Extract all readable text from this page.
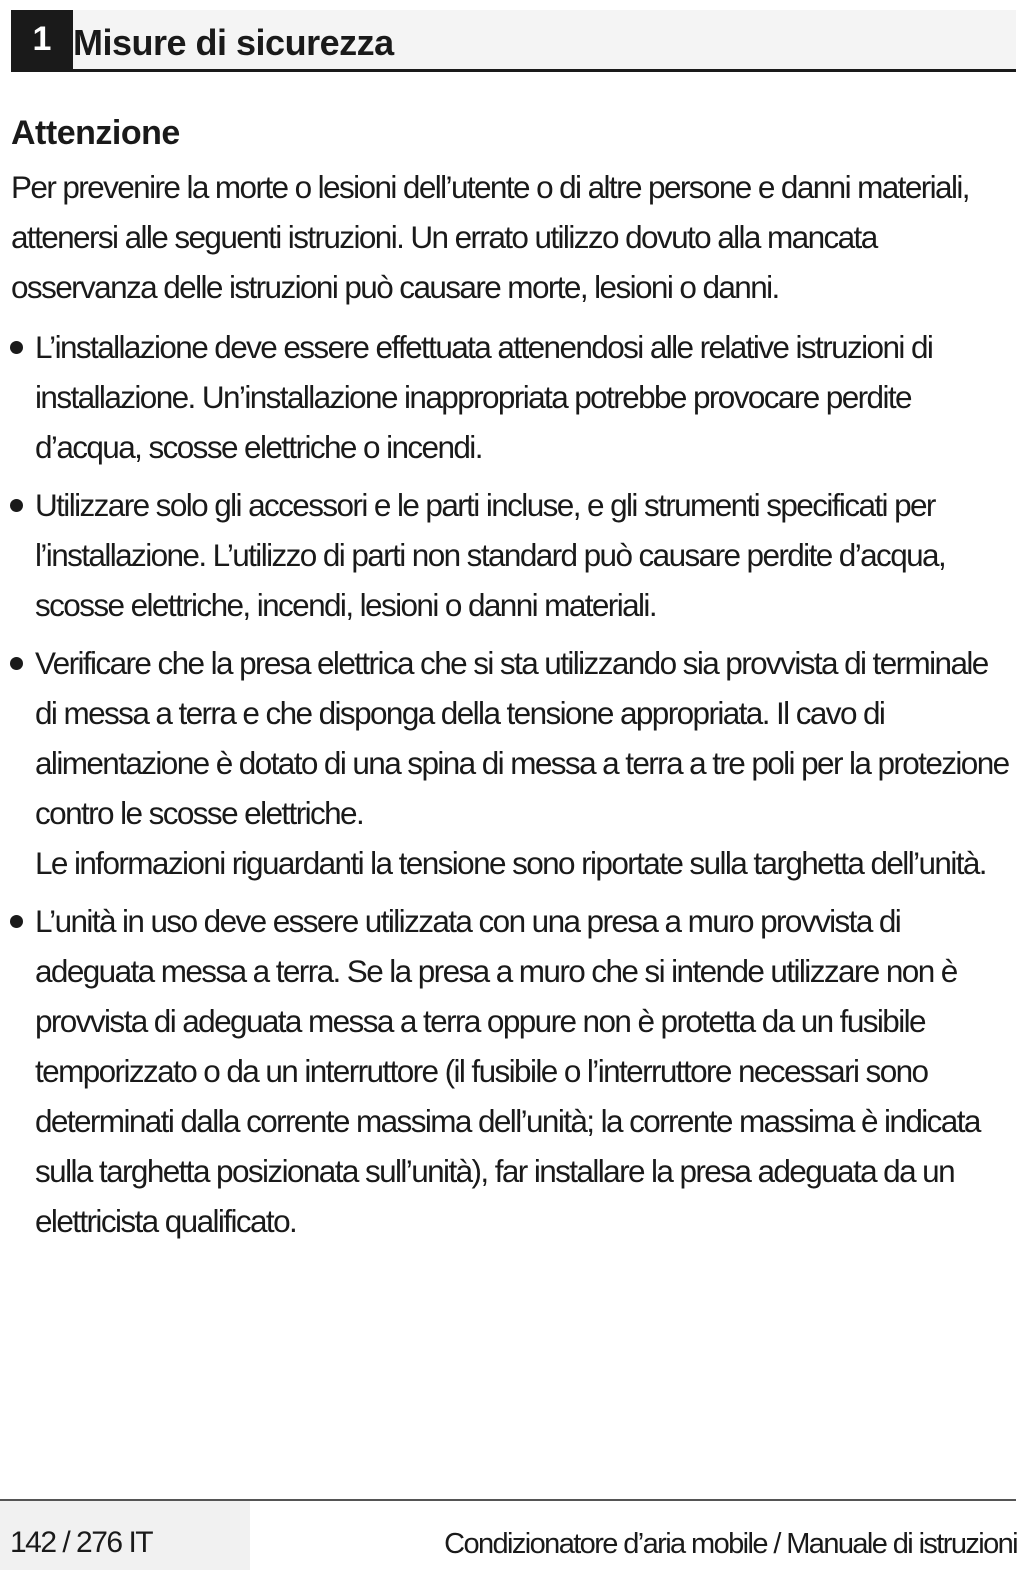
1 Misure di sicurezza
Attenzione

Per prevenire la morte o lesioni dell’utente o di altre persone e danni materiali, attenersi alle seguenti istruzioni. Un errato utilizzo dovuto alla mancata osservanza delle istruzioni può causare morte, lesioni o danni.

L’installazione deve essere effettuata attenendosi alle relative istruzioni di installazione. Un’installazione inappropriata potrebbe provocare perdite d’acqua, scosse elettriche o incendi.
Utilizzare solo gli accessori e le parti incluse, e gli strumenti specificati per l’installazione. L’utilizzo di parti non standard può causare perdite d’acqua, scosse elettriche, incendi, lesioni o danni materiali.
Verificare che la presa elettrica che si sta utilizzando sia provvista di terminale di messa a terra e che disponga della tensione appropriata. Il cavo di alimentazione è dotato di una spina di messa a terra a tre poli per la protezione contro le scosse elettriche.
Le informazioni riguardanti la tensione sono riportate sulla targhetta dell’unità.
L’unità in uso deve essere utilizzata con una presa a muro provvista di adeguata messa a terra. Se la presa a muro che si intende utilizzare non è provvista di adeguata messa a terra oppure non è protetta da un fusibile temporizzato o da un interruttore (il fusibile o l’interruttore necessari sono determinati dalla corrente massima dell’unità; la corrente massima è indicata sulla targhetta posizionata sull’unità), far installare la presa adeguata da un elettricista qualificato.
142 / 276 IT	Condizionatore d’aria mobile / Manuale di istruzioni
